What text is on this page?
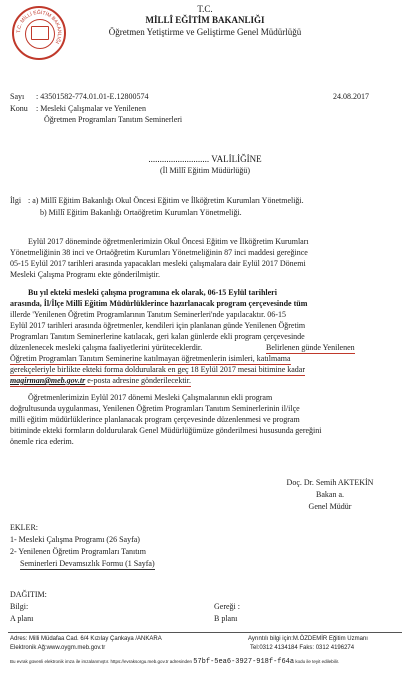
T.C. MİLLİ EĞİTİM BAKANLIĞI
T.C.
MİLLÎ EĞİTİM BAKANLIĞI
Öğretmen Yetiştirme ve Geliştirme Genel Müdürlüğü
Sayı : 43501582-774.01.01-E.12800574	24.08.2017
Konu : Mesleki Çalışmalar ve Yenilenen
Öğretmen Programları Tanıtım Seminerleri
........................... VALİLİĞİNE
(İl Millî Eğitim Müdürlüğü)
İlgi : a) Millî Eğitim Bakanlığı Okul Öncesi Eğitim ve İlköğretim Kurumları Yönetmeliği.
b) Millî Eğitim Bakanlığı Ortaöğretim Kurumları Yönetmeliği.
Eylül 2017 döneminde öğretmenlerimizin Okul Öncesi Eğitim ve İlköğretim Kurumları
Yönetmeliğinin 38 inci ve Ortaöğretim Kurumları Yönetmeliğinin 87 inci maddesi gereğince
05-15 Eylül 2017 tarihleri arasında yapacakları mesleki çalışmalara dair Eylül 2017 Dönemi
Mesleki Çalışma Programı ekte gönderilmiştir.
Bu yıl ekteki mesleki çalışma programına ek olarak, 06-15 Eylül tarihleri
arasında, İl/İlçe Millî Eğitim Müdürlüklerince hazırlanacak program çerçevesinde tüm
illerde 'Yenilenen Öğretim Programlarının Tanıtım Seminerleri'nde yapılacaktır. 06-15
Eylül 2017 tarihleri arasında öğretmenler, kendileri için planlanan günde Yenilenen Öğretim
Programları Tanıtım Seminerlerine katılacak, geri kalan günlerde ekli program çerçevesinde
düzenlenecek mesleki çalışma faaliyetlerini yürüteceklerdir.	Belirlenen günde Yenilenen
Öğretim Programları Tanıtım Seminerine katılmayan öğretmenlerin isimleri, katılmama
gerekçeleriyle birlikte ekteki forma doldurularak en geç 18 Eylül 2017 mesai bitimine kadar
magirman@meb.gov.tr e-posta adresine gönderilecektir.
Öğretmenlerimizin Eylül 2017 dönemi Mesleki Çalışmalarının ekli program
doğrultusunda uygulanması, Yenilenen Öğretim Programları Tanıtım Seminerlerinin il/ilçe
milli eğitim müdürlüklerince planlanacak program çerçevesinde düzenlenmesi ve program
bitiminde ekteki formların doldurularak Genel Müdürlüğümüze gönderilmesi hususunda gereğini
önemle rica ederim.
Doç. Dr. Semih AKTEKİN
Bakan a.
Genel Müdür
EKLER:
1- Mesleki Çalışma Programı (26 Sayfa)
2- Yenilenen Öğretim Programları Tanıtım
Seminerleri Devamsızlık Formu (1 Sayfa)
DAĞITIM:
Bilgi:	Gereği :
A planı	B planı
Adres: Milli Müdafaa Cad. 6/4 Kızılay Çankaya /ANKARA
Elektronik Ağ:www.oygm.meb.gov.tr
Ayrıntılı bilgi için:M.ÖZDEMİR Eğitim Uzmanı
Tel:0312 4134184 Faks: 0312 4196274
Bu evrak güvenli elektronik imza ile imzalanmıştır. https://evraksorgu.meb.gov.tr adresinden 57bf-5ea6-3927-918f-f64a kodu ile teyit edilebilir.
